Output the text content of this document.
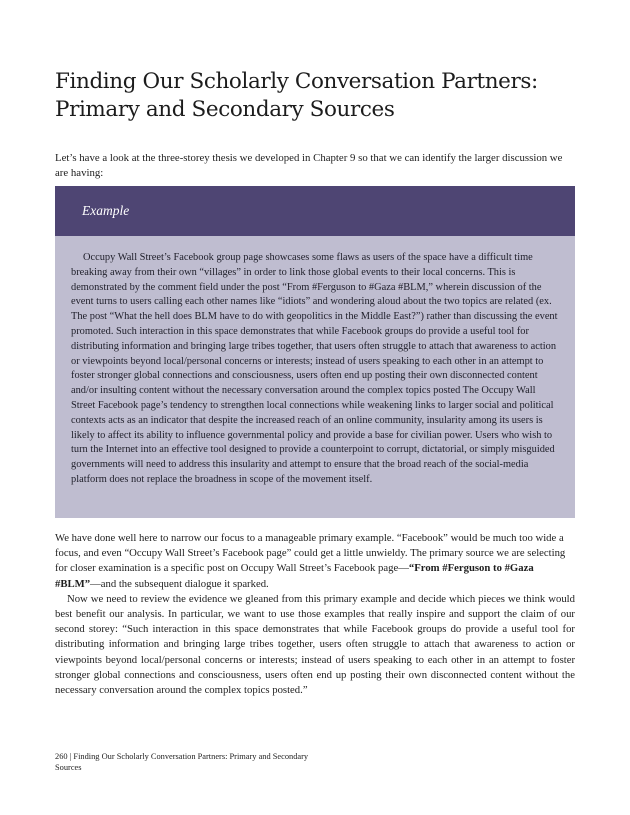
Finding Our Scholarly Conversation Partners: Primary and Secondary Sources

Let’s have a look at the three-storey thesis we developed in Chapter 9 so that we can identify the larger discussion we are having:

Example

Occupy Wall Street’s Facebook group page showcases some flaws as users of the space have a difficult time breaking away from their own “villages” in order to link those global events to their local concerns. This is demonstrated by the comment field under the post “From #Ferguson to #Gaza #BLM,” wherein discussion of the event turns to users calling each other names like “idiots” and wondering aloud about the two topics are related (ex. The post “What the hell does BLM have to do with geopolitics in the Middle East?”) rather than discussing the event promoted. Such interaction in this space demonstrates that while Facebook groups do provide a useful tool for distributing information and bringing large tribes together, that users often struggle to attach that awareness to action or viewpoints beyond local/personal concerns or interests; instead of users speaking to each other in an attempt to foster stronger global connections and consciousness, users often end up posting their own disconnected content and/or insulting content without the necessary conversation around the complex topics posted The Occupy Wall Street Facebook page’s tendency to strengthen local connections while weakening links to larger social and political contexts acts as an indicator that despite the increased reach of an online community, insularity among its users is likely to affect its ability to influence governmental policy and provide a base for civilian power. Users who wish to turn the Internet into an effective tool designed to provide a counterpoint to corrupt, dictatorial, or simply misguided governments will need to address this insularity and attempt to ensure that the broad reach of the social-media platform does not replace the broadness in scope of the movement itself.

We have done well here to narrow our focus to a manageable primary example. “Facebook” would be much too wide a focus, and even “Occupy Wall Street’s Facebook page” could get a little unwieldy. The primary source we are selecting for closer examination is a specific post on Occupy Wall Street’s Facebook page—“From #Ferguson to #Gaza #BLM”—and the subsequent dialogue it sparked.

Now we need to review the evidence we gleaned from this primary example and decide which pieces we think would best benefit our analysis. In particular, we want to use those examples that really inspire and support the claim of our second storey: “Such interaction in this space demonstrates that while Facebook groups do provide a useful tool for distributing information and bringing large tribes together, users often struggle to attach that awareness to action or viewpoints beyond local/personal concerns or interests; instead of users speaking to each other in an attempt to foster stronger global connections and consciousness, users often end up posting their own disconnected content without the necessary conversation around the complex topics posted.”

260 | Finding Our Scholarly Conversation Partners: Primary and Secondary Sources
